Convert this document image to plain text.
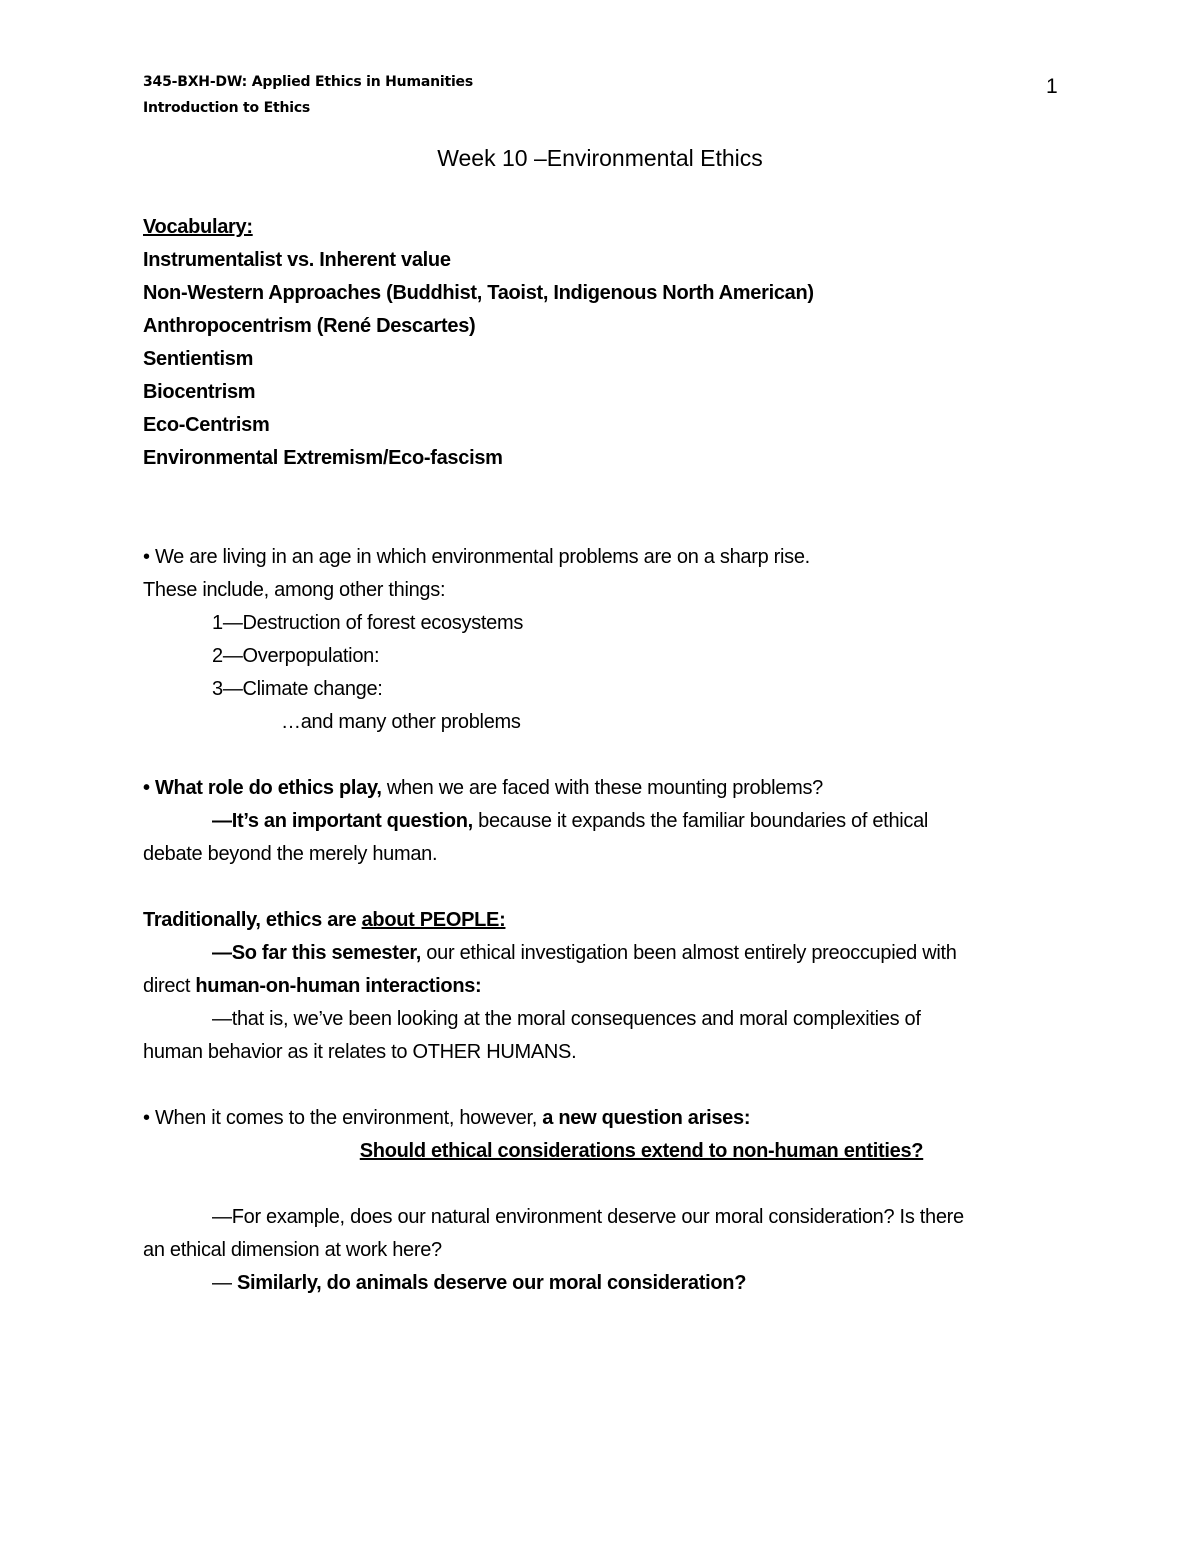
345-BXH-DW: Applied Ethics in Humanities
Introduction to Ethics
1
Week 10 –Environmental Ethics
Vocabulary:
Instrumentalist vs. Inherent value
Non-Western Approaches (Buddhist, Taoist, Indigenous North American)
Anthropocentrism (René Descartes)
Sentientism
Biocentrism
Eco-Centrism
Environmental Extremism/Eco-fascism
• We are living in an age in which environmental problems are on a sharp rise.
These include, among other things:
1—Destruction of forest ecosystems
2—Overpopulation:
3—Climate change:
…and many other problems
• What role do ethics play, when we are faced with these mounting problems?
—It’s an important question, because it expands the familiar boundaries of ethical
debate beyond the merely human.
Traditionally, ethics are about PEOPLE:
—So far this semester, our ethical investigation been almost entirely preoccupied with
direct human-on-human interactions:
—that is, we’ve been looking at the moral consequences and moral complexities of
human behavior as it relates to OTHER HUMANS.
• When it comes to the environment, however, a new question arises:
Should ethical considerations extend to non-human entities?
—For example, does our natural environment deserve our moral consideration? Is there
an ethical dimension at work here?
— Similarly, do animals deserve our moral consideration?
